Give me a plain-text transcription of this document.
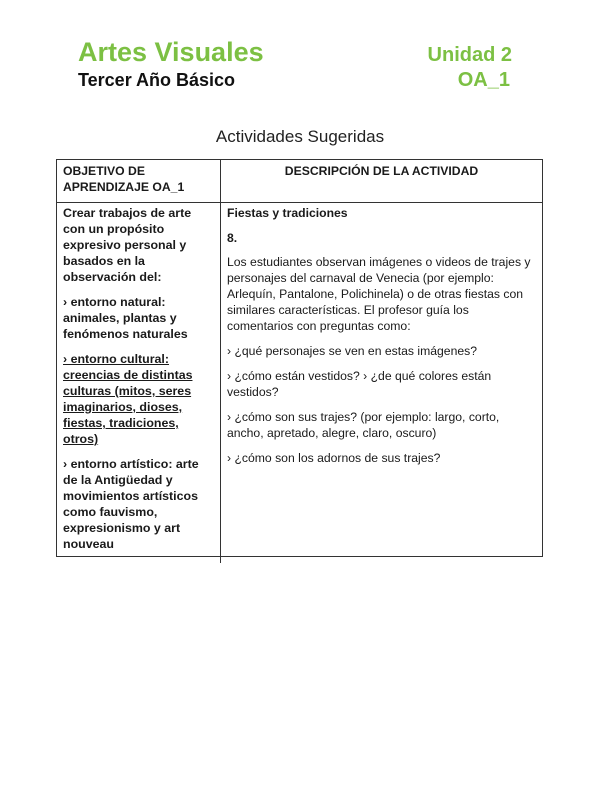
Artes Visuales	Unidad 2
Tercer Año Básico	OA_1
Actividades Sugeridas
OBJETIVO DE APRENDIZAJE OA_1
DESCRIPCIÓN DE LA ACTIVIDAD

Crear trabajos de arte con un propósito expresivo personal y basados en la observación del:

› entorno natural: animales, plantas y fenómenos naturales

› entorno cultural: creencias de distintas culturas (mitos, seres imaginarios, dioses, fiestas, tradiciones, otros)

› entorno artístico: arte de la Antigüedad y movimientos artísticos como fauvismo, expresionismo y art nouveau

Fiestas y tradiciones

8.

Los estudiantes observan imágenes o videos de trajes y personajes del carnaval de Venecia (por ejemplo: Arlequín, Pantalone, Polichinela) o de otras fiestas con similares características. El profesor guía los comentarios con preguntas como:

› ¿qué personajes se ven en estas imágenes?

› ¿cómo están vestidos? › ¿de qué colores están vestidos?

› ¿cómo son sus trajes? (por ejemplo: largo, corto, ancho, apretado, alegre, claro, oscuro)

› ¿cómo son los adornos de sus trajes?
